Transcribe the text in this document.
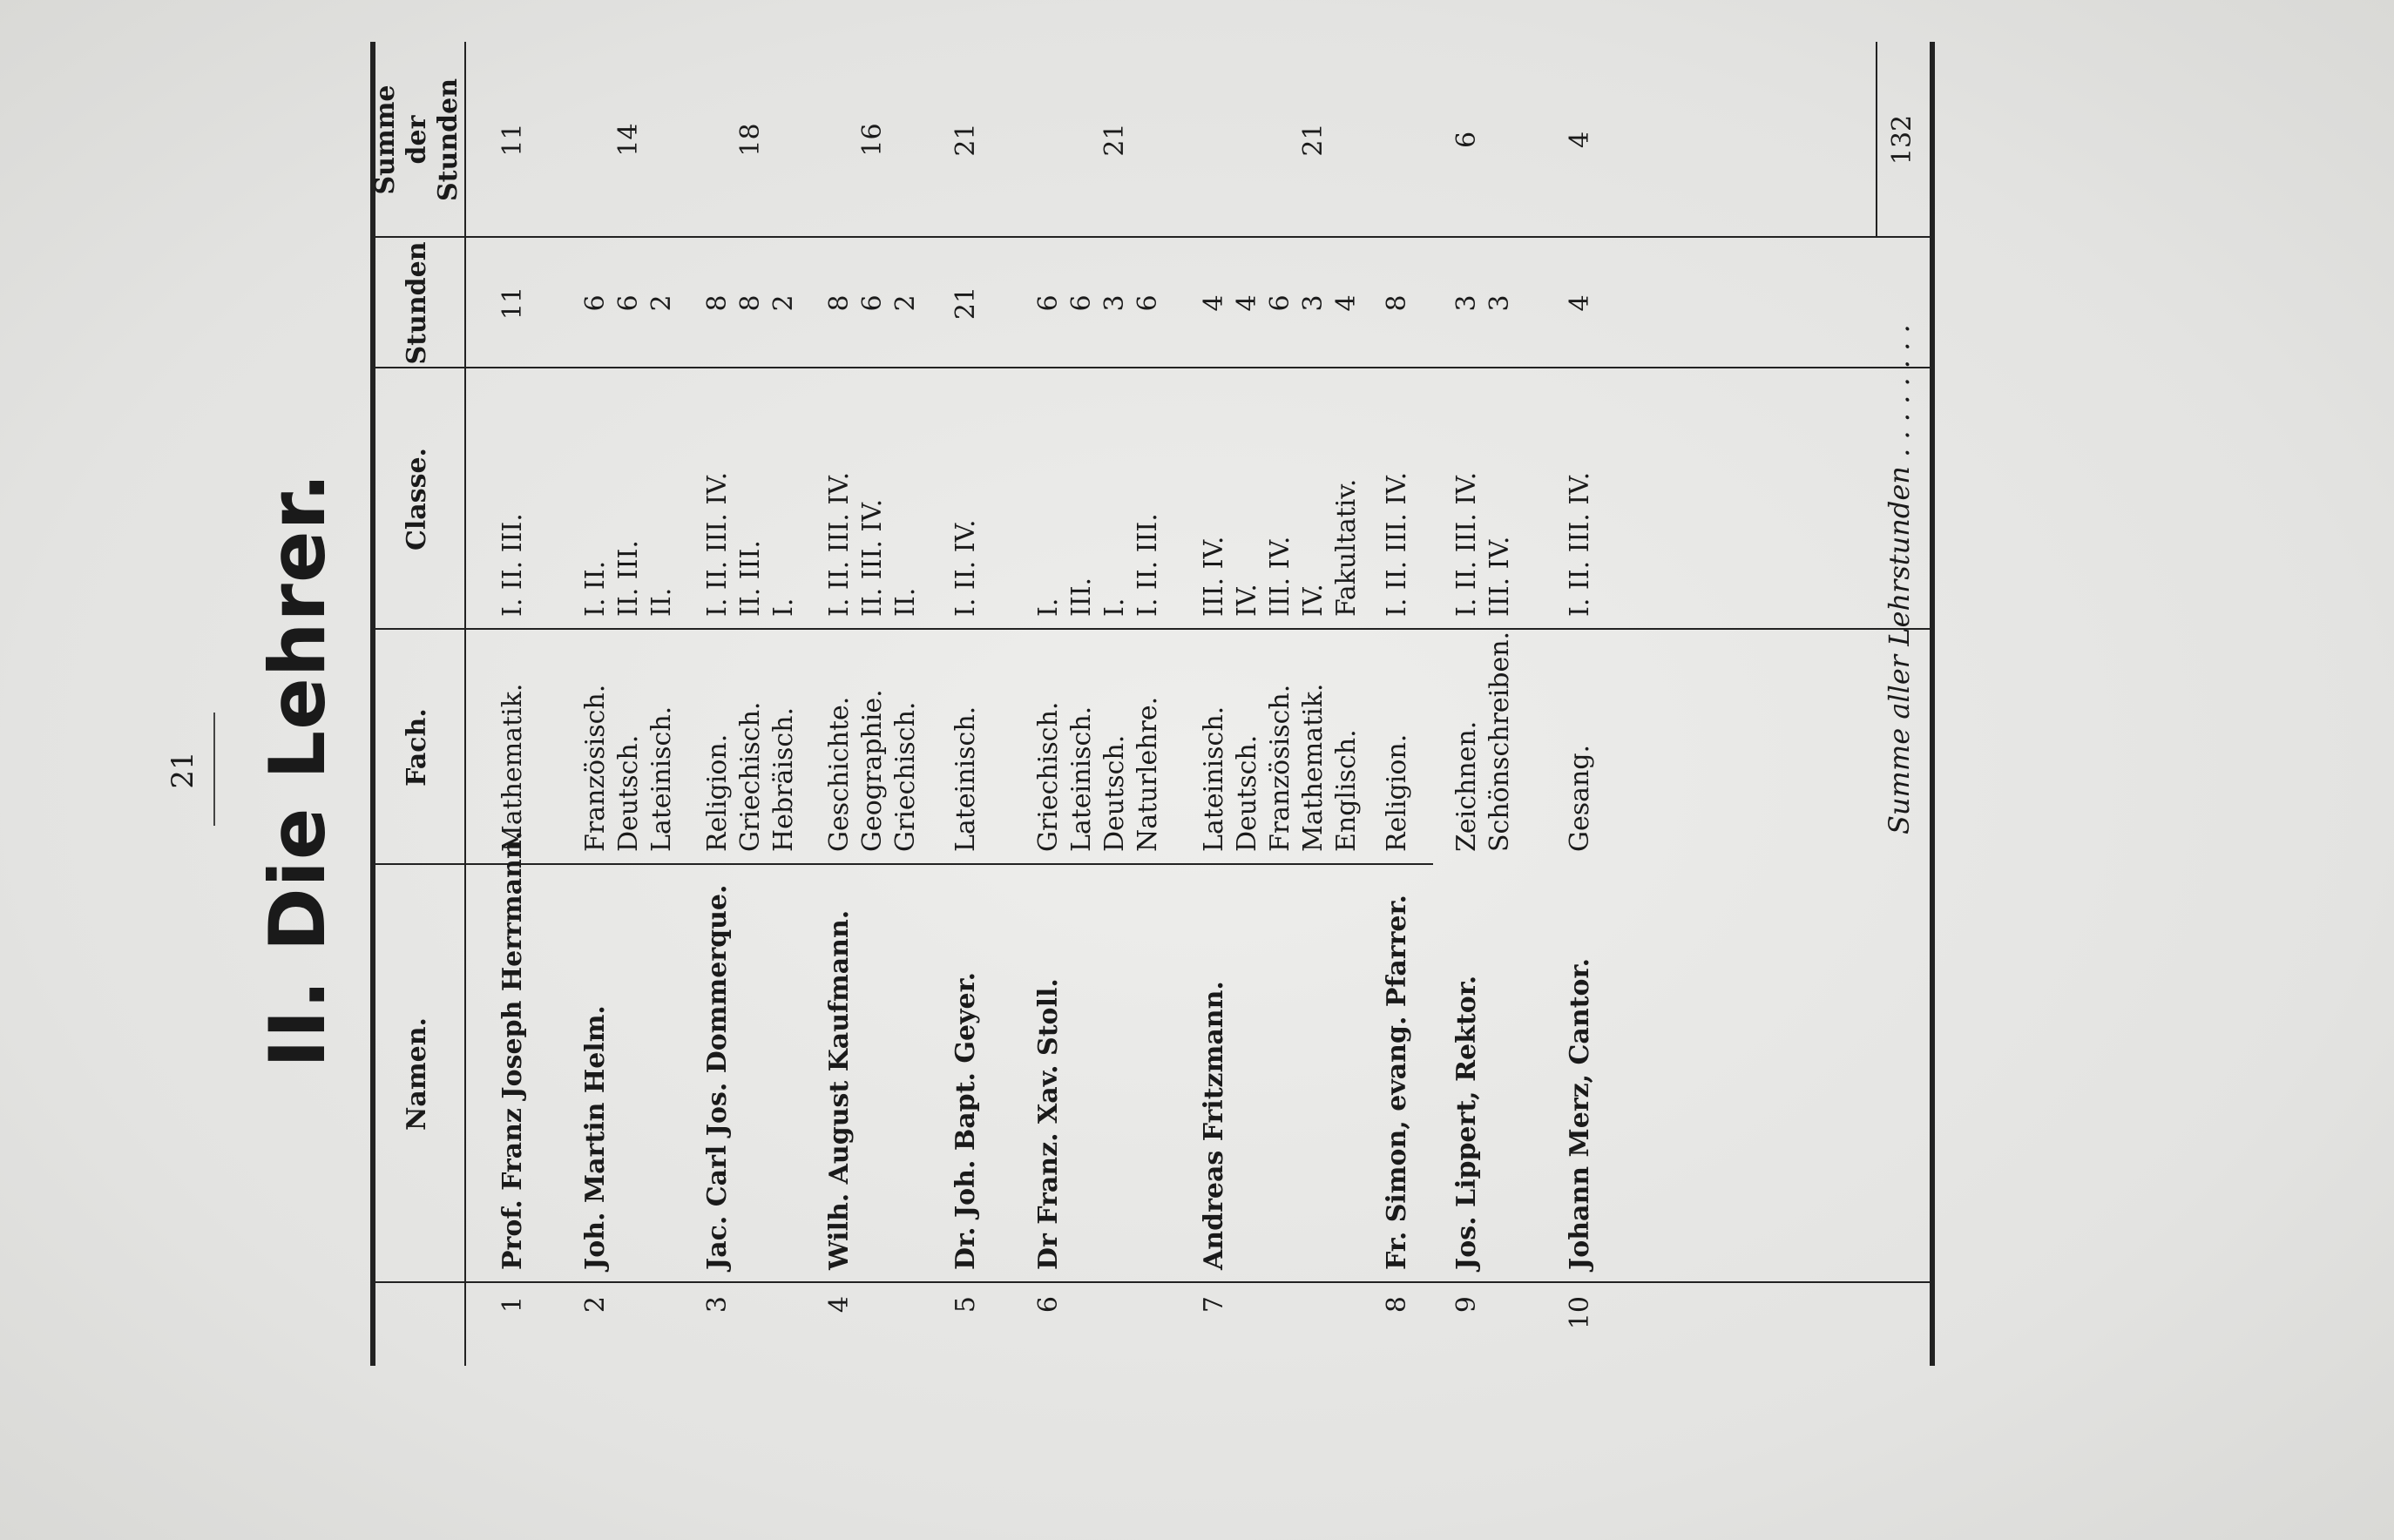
21 II. Die Lehrer.
Namen.
Fach.
Classe.
Stunden
Summe der Stunden
1
Prof. Franz Joseph Herrmann.
Mathematik.
I. II. III.
11
11
2
Joh. Martin Helm.
Französisch. Deutsch. Lateinisch.
I. II. II. III. II.
6 6 2
14
3
Jac. Carl Jos. Dommerque.
Religion. Griechisch. Hebräisch.
I. II. III. IV. II. III. I.
8 8 2
18
4
Wilh. August Kaufmann.
Geschichte. Geographie. Griechisch.
I. II. III. IV. II. III. IV. II.
8 6 2
16
5
Dr. Joh. Bapt. Geyer.
Lateinisch.
I. II. IV.
21
21
6
Dr Franz. Xav. Stoll.
Griechisch. Lateinisch. Deutsch. Naturlehre.
I. III. I. I. II. III.
6 6 3 6
21
7
Andreas Fritzmann.
Lateinisch. Deutsch. Französisch. Mathematik. Englisch.
III. IV. IV. III. IV. IV. Fakultativ.
4 4 6 3 4
21
8
Fr. Simon, evang. Pfarrer.
Religion.
I. II. III. IV.
8
9
Jos. Lippert, Rektor.
Zeichnen. Schönschreiben.
I. II. III. IV. III. IV.
3 3
6
10
Johann Merz, Cantor.
Gesang.
I. II. III. IV.
4
4
Summe aller Lehrstunden . . . . . . . .
132
